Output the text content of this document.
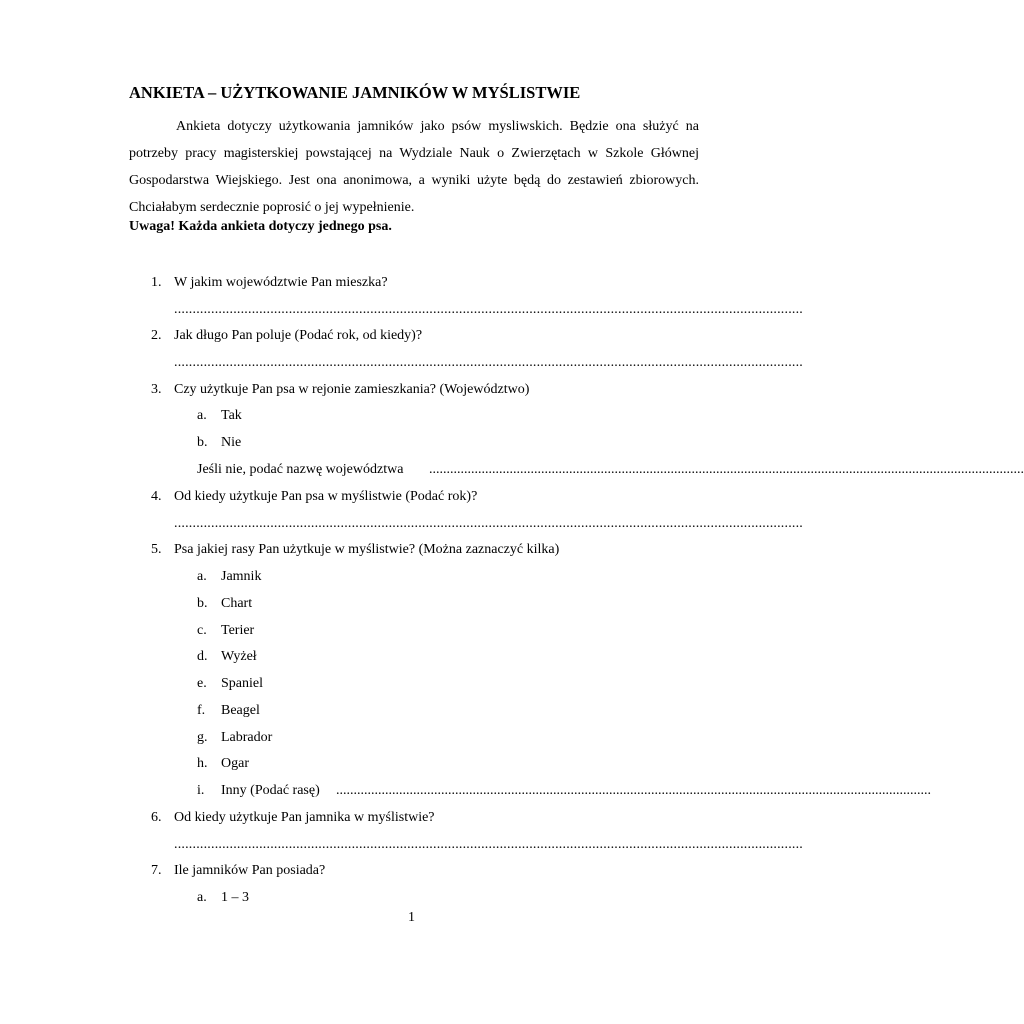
ANKIETA – UŻYTKOWANIE JAMNIKÓW W MYŚLISTWIE
Ankieta dotyczy użytkowania jamników jako psów mysliwskich. Będzie ona służyć na potrzeby pracy magisterskiej powstającej na Wydziale Nauk o Zwierzętach w Szkole Głównej Gospodarstwa Wiejskiego. Jest ona anonimowa, a wyniki użyte będą do zestawień zbiorowych. Chciałabym serdecznie poprosić o jej wypełnienie.
Uwaga! Każda ankieta dotyczy jednego psa.
1. W jakim województwie Pan mieszka?
..........................................................................................................................................................................
2. Jak długo Pan poluje (Podać rok, od kiedy)?
..........................................................................................................................................................................
3. Czy użytkuje Pan psa w rejonie zamieszkania? (Województwo)
a.	Tak
b. Nie
Jeśli nie, podać nazwę województwa ..........................................................................................................................................................................
4. Od kiedy użytkuje Pan psa w myślistwie (Podać rok)?
..........................................................................................................................................................................
5. Psa jakiej rasy Pan użytkuje w myślistwie? (Można zaznaczyć kilka)
a.	Jamnik
b. Chart
c.	Terier
d. Wyżeł
e.	Spaniel
f.	Beagel
g. Labrador
h. Ogar
i.	Inny (Podać rasę) ..........................................................................................................................................................................
6. Od kiedy użytkuje Pan jamnika w myślistwie?
..........................................................................................................................................................................
7. Ile jamników Pan posiada?
a.	1 – 3
1
